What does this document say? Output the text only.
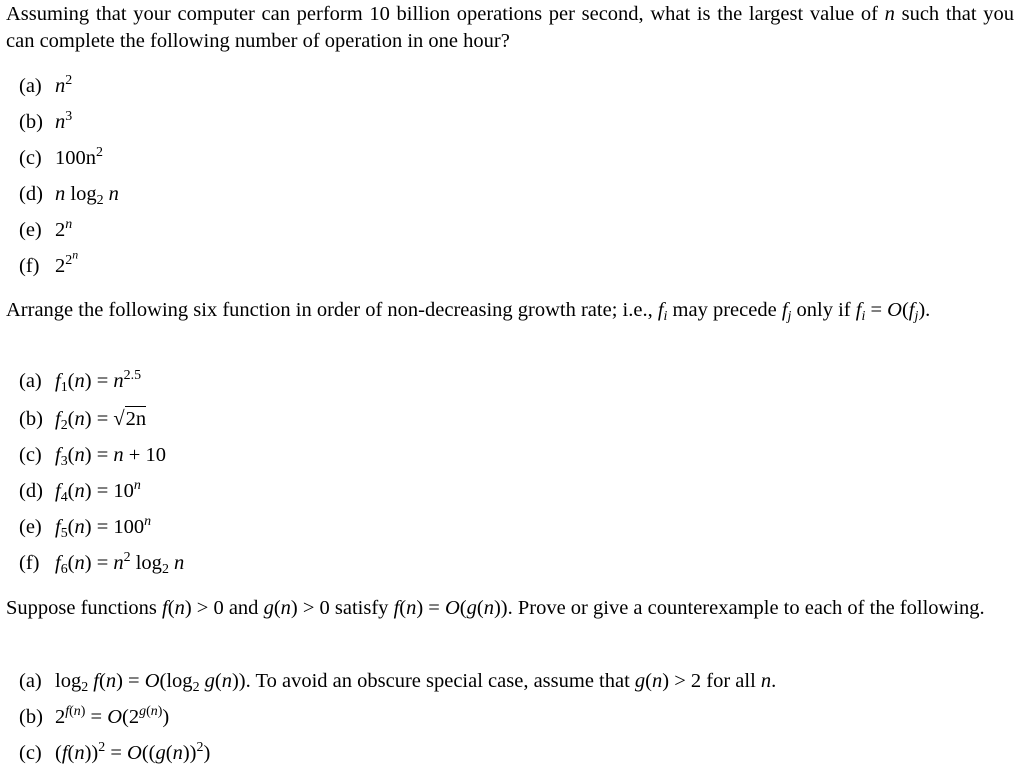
Assuming that your computer can perform 10 billion operations per second, what is the largest value of n such that you can complete the following number of operation in one hour?
(a) $n^2$
(b) $n^3$
(c) $100n^2$
(d) n $\log_2 n$
(e) 2$^n$
(f) $2^{2n}$
Arrange the following six function in order of non-decreasing growth rate; i.e., $f_i$ may precede $f_j$ only if $f_i = O(f_j)$.
(a) $f_1(n) = n^{2.5}$
(b) $f_2(n) = √2n$
(c) $f_3(n) = n + 10$
(d) $f_4(n) = 10^n$
(e) $f_5(n) = 100^n$
(f) $f_6(n) = n^2$ $\log_2 n$
Suppose functions f(n) > 0 and g(n) > 0 satisfy f(n) = O(g(n)). Prove or give a counterexample to each of the following.
(a) $\log_2 f(n) = O(\log_2$ g(n)). To avoid an obscure special case, assume that g(n) > 2 for all n.
(b) $2^{f(n)} = O(2^{g(n)})$
(c) $(f(n))^2 = O((g(n))^2)$
